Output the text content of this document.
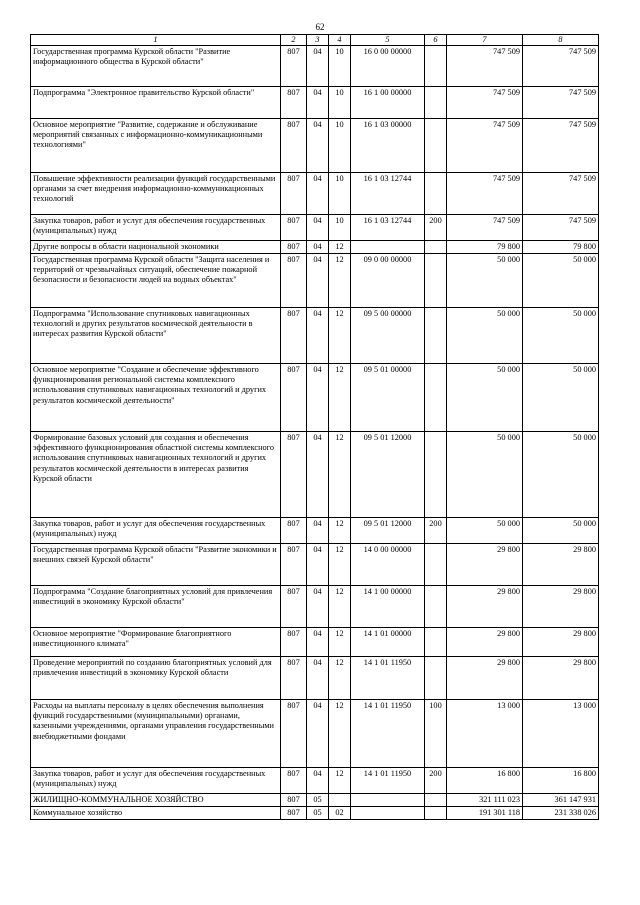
62
1	2	3	4	5	6	7	8
Государственная программа Курской области "Развитие информационного общества в Курской области"	807	04	10	16 0 00 00000		747 509	747 509
Подпрограмма "Электронное правительство Курской области"	807	04	10	16 1 00 00000		747 509	747 509
Основное мероприятие "Развитие, содержание и обслуживание мероприятий связанных с информационно-коммуникационными технологиями"	807	04	10	16 1 03 00000		747 509	747 509
Повышение эффективности реализации функций государственными органами за счет внедрения информационно-коммуникационных технологий	807	04	10	16 1 03 12744		747 509	747 509
Закупка товаров, работ и услуг для обеспечения государственных (муниципальных) нужд	807	04	10	16 1 03 12744	200	747 509	747 509
Другие вопросы в области национальной экономики	807	04	12			79 800	79 800
Государственная программа Курской области "Защита населения и территорий от чрезвычайных ситуаций, обеспечение пожарной безопасности и безопасности людей на водных объектах"	807	04	12	09 0 00 00000		50 000	50 000
Подпрограмма "Использование спутниковых навигационных технологий и других результатов космической деятельности в интересах развития Курской области"	807	04	12	09 5 00 00000		50 000	50 000
Основное мероприятие "Создание и обеспечение эффективного функционирования региональной системы комплексного использования спутниковых навигационных технологий и других результатов космической деятельности"	807	04	12	09 5 01 00000		50 000	50 000
Формирование базовых условий для создания и обеспечения эффективного функционирования областной системы комплексного использования спутниковых навигационных технологий и других результатов космической деятельности в интересах развития Курской области	807	04	12	09 5 01 12000		50 000	50 000
Закупка товаров, работ и услуг для обеспечения государственных (муниципальных) нужд	807	04	12	09 5 01 12000	200	50 000	50 000
Государственная программа Курской области "Развитие экономики и внешних связей Курской области"	807	04	12	14 0 00 00000		29 800	29 800
Подпрограмма "Создание благоприятных условий для привлечения инвестиций в экономику Курской области"	807	04	12	14 1 00 00000		29 800	29 800
Основное мероприятие "Формирование благоприятного инвестиционного климата"	807	04	12	14 1 01 00000		29 800	29 800
Проведение мероприятий по созданию благоприятных условий для привлечения инвестиций в экономику Курской области	807	04	12	14 1 01 11950		29 800	29 800
Расходы на выплаты персоналу в целях обеспечения выполнения функций государственными (муниципальными) органами, казенными учреждениями, органами управления государственными внебюджетными фондами	807	04	12	14 1 01 11950	100	13 000	13 000
Закупка товаров, работ и услуг для обеспечения государственных (муниципальных) нужд	807	04	12	14 1 01 11950	200	16 800	16 800
ЖИЛИЩНО-КОММУНАЛЬНОЕ ХОЗЯЙСТВО	807	05				321 111 023	361 147 931
Коммунальное хозяйство	807	05	02			191 301 118	231 338 026
